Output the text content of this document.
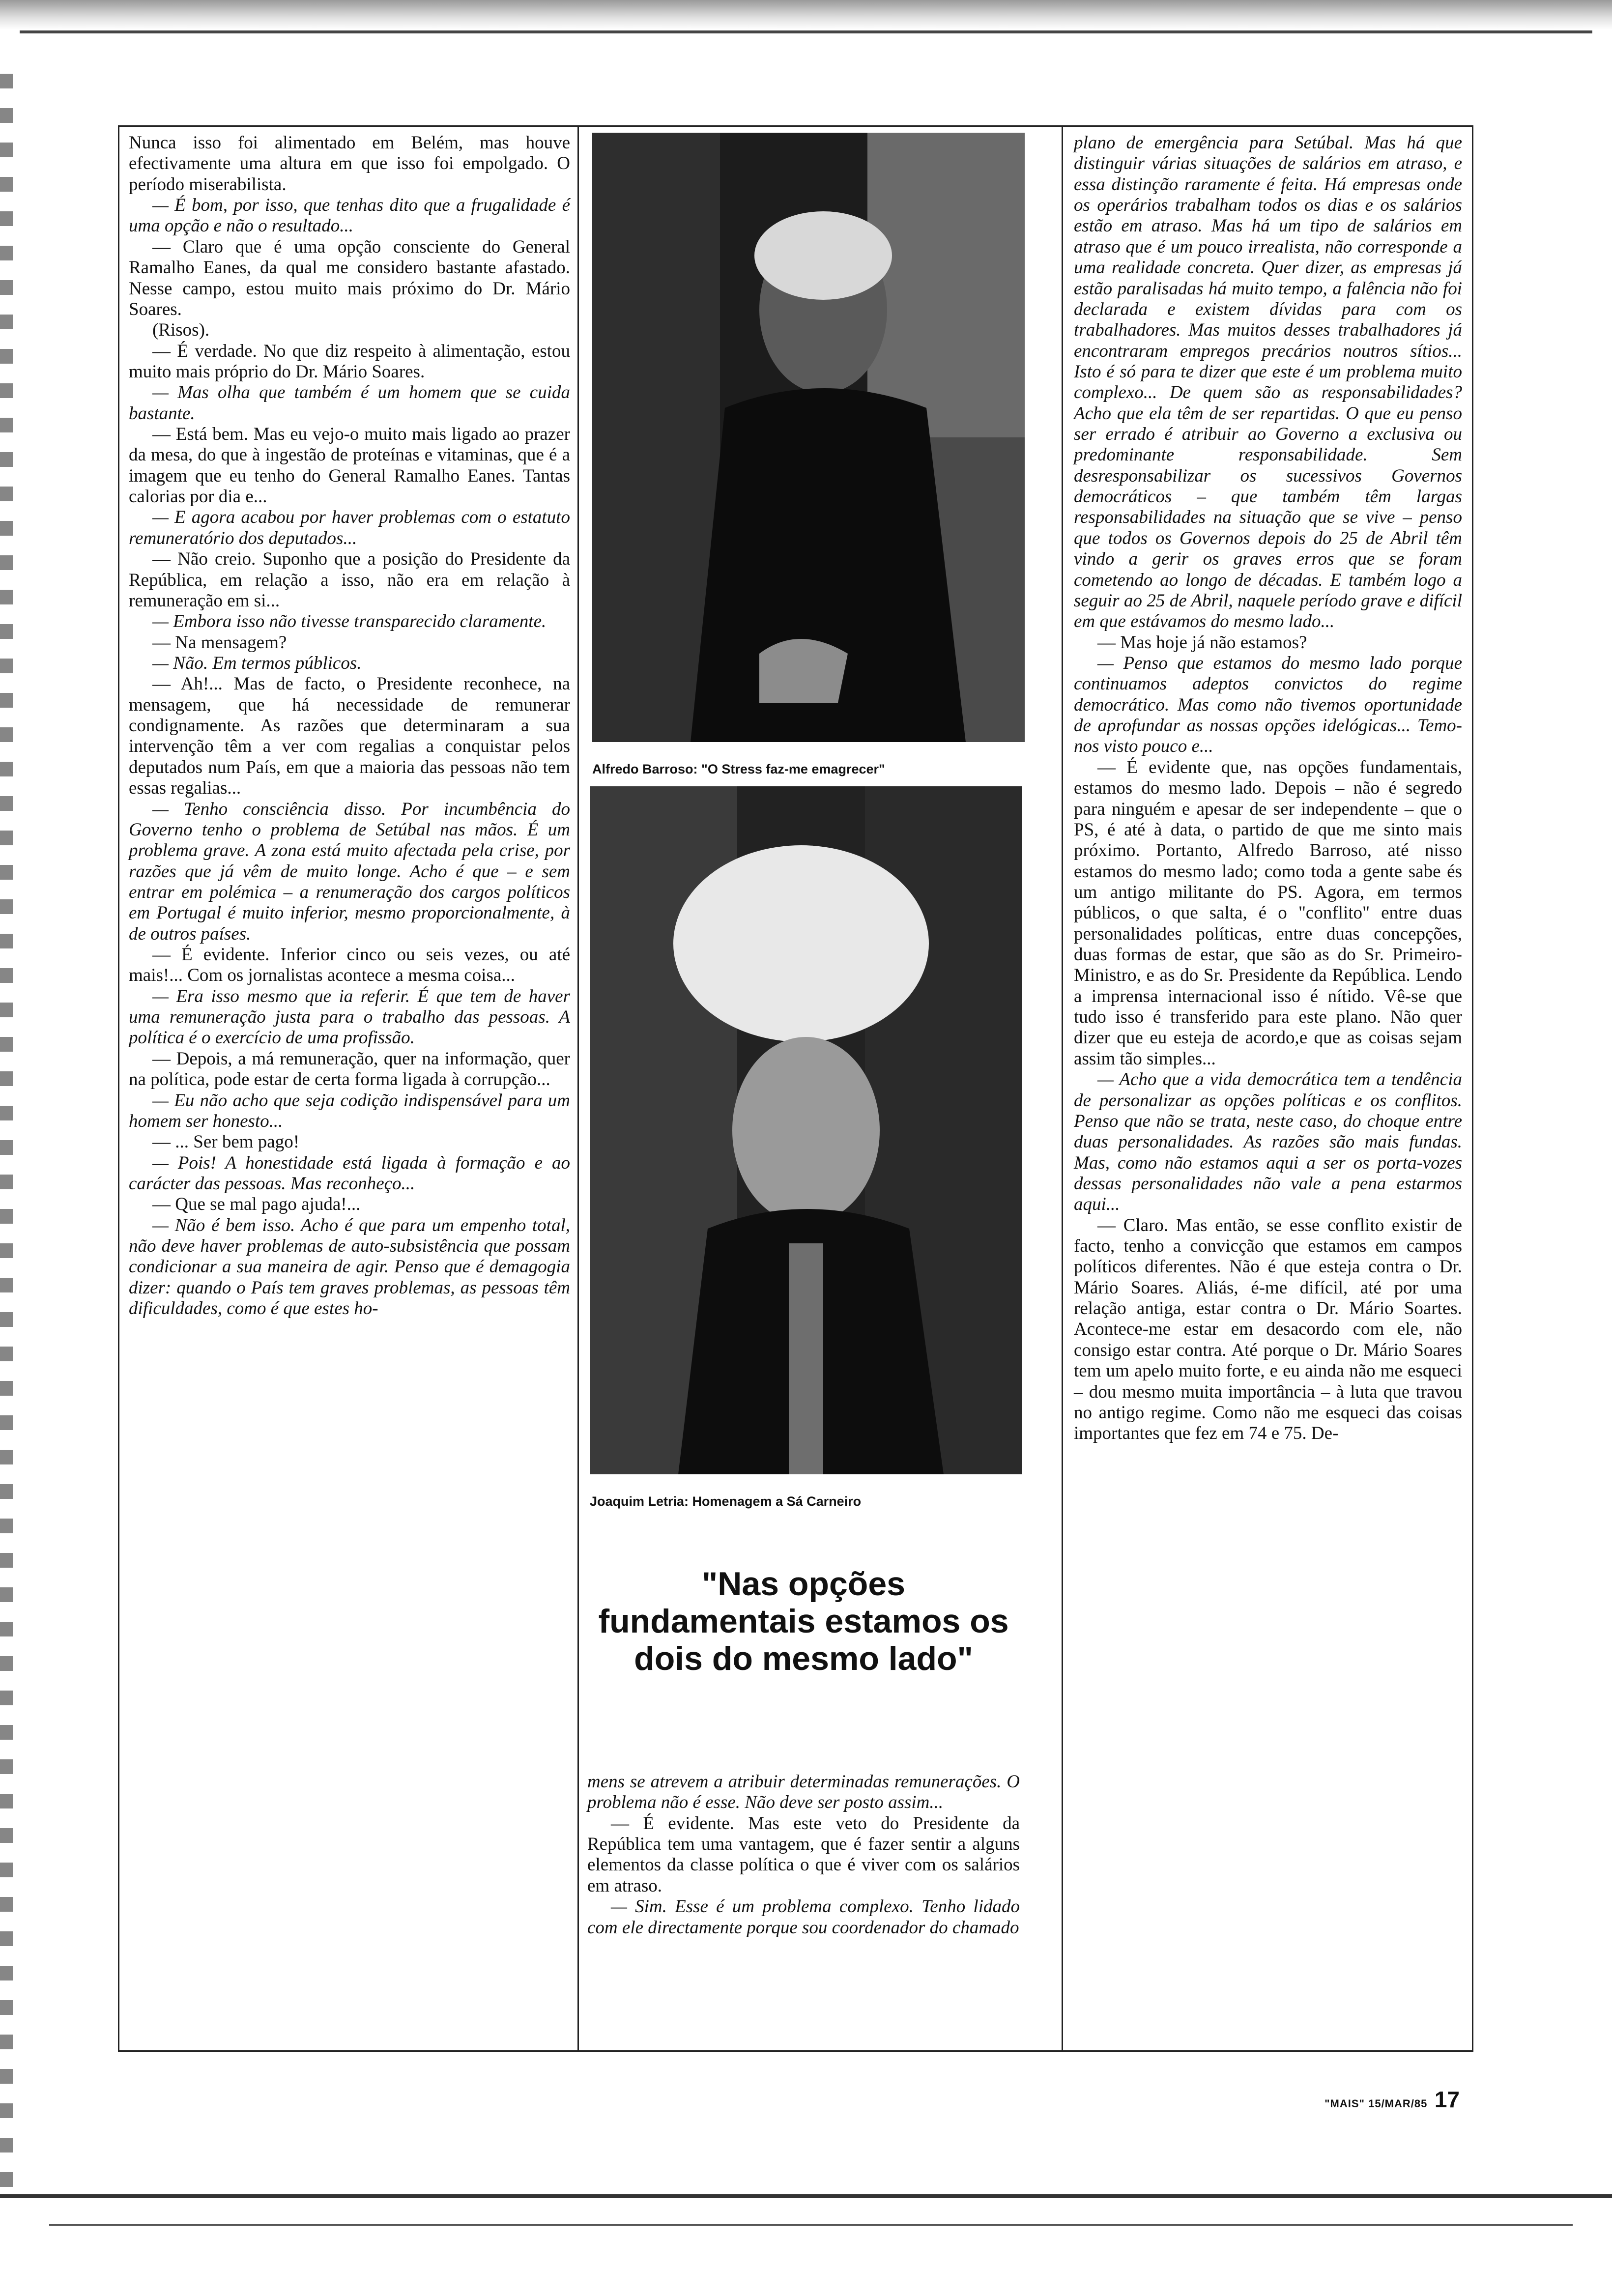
Nunca isso foi alimentado em Belém, mas houve efectivamente uma altura em que isso foi empolgado. O período miserabilista.

— É bom, por isso, que tenhas dito que a frugalidade é uma opção e não o resultado...

— Claro que é uma opção consciente do General Ramalho Eanes, da qual me considero bastante afastado. Nesse campo, estou muito mais próximo do Dr. Mário Soares.

(Risos).

— É verdade. No que diz respeito à alimentação, estou muito mais próprio do Dr. Mário Soares.

— Mas olha que também é um homem que se cuida bastante.

— Está bem. Mas eu vejo-o muito mais ligado ao prazer da mesa, do que à ingestão de proteínas e vitaminas, que é a imagem que eu tenho do General Ramalho Eanes. Tantas calorias por dia e...

— E agora acabou por haver problemas com o estatuto remuneratório dos deputados...

— Não creio. Suponho que a posição do Presidente da República, em relação a isso, não era em relação à remuneração em si...

— Embora isso não tivesse transparecido claramente.

— Na mensagem?

— Não. Em termos públicos.

— Ah!... Mas de facto, o Presidente reconhece, na mensagem, que há necessidade de remunerar condignamente. As razões que determinaram a sua intervenção têm a ver com regalias a conquistar pelos deputados num País, em que a maioria das pessoas não tem essas regalias...

— Tenho consciência disso. Por incumbência do Governo tenho o problema de Setúbal nas mãos. É um problema grave. A zona está muito afectada pela crise, por razões que já vêm de muito longe. Acho é que – e sem entrar em polémica – a renumeração dos cargos políticos em Portugal é muito inferior, mesmo proporcionalmente, à de outros países.

— É evidente. Inferior cinco ou seis vezes, ou até mais!... Com os jornalistas acontece a mesma coisa...

— Era isso mesmo que ia referir. É que tem de haver uma remuneração justa para o trabalho das pessoas. A política é o exercício de uma profissão.

— Depois, a má remuneração, quer na informação, quer na política, pode estar de certa forma ligada à corrupção...

— Eu não acho que seja codição indispensável para um homem ser honesto...

— ... Ser bem pago!

— Pois! A honestidade está ligada à formação e ao carácter das pessoas. Mas reconheço...

— Que se mal pago ajuda!...

— Não é bem isso. Acho é que para um empenho total, não deve haver problemas de auto-subsistência que possam condicionar a sua maneira de agir. Penso que é demagogia dizer: quando o País tem graves problemas, as pessoas têm dificuldades, como é que estes ho-

Alfredo Barroso: "O Stress faz-me emagrecer"
Joaquim Letria: Homenagem a Sá Carneiro
"Nas opções fundamentais estamos os dois do mesmo lado"

mens se atrevem a atribuir determinadas remunerações. O problema não é esse. Não deve ser posto assim...

— É evidente. Mas este veto do Presidente da República tem uma vantagem, que é fazer sentir a alguns elementos da classe política o que é viver com os salários em atraso.

— Sim. Esse é um problema complexo. Tenho lidado com ele directamente porque sou coordenador do chamado

plano de emergência para Setúbal. Mas há que distinguir várias situações de salários em atraso, e essa distinção raramente é feita. Há empresas onde os operários trabalham todos os dias e os salários estão em atraso. Mas há um tipo de salários em atraso que é um pouco irrealista, não corresponde a uma realidade concreta. Quer dizer, as empresas já estão paralisadas há muito tempo, a falência não foi declarada e existem dívidas para com os trabalhadores. Mas muitos desses trabalhadores já encontraram empregos precários noutros sítios... Isto é só para te dizer que este é um problema muito complexo... De quem são as responsabilidades? Acho que ela têm de ser repartidas. O que eu penso ser errado é atribuir ao Governo a exclusiva ou predominante responsabilidade. Sem desresponsabilizar os sucessivos Governos democráticos – que também têm largas responsabilidades na situação que se vive – penso que todos os Governos depois do 25 de Abril têm vindo a gerir os graves erros que se foram cometendo ao longo de décadas. E também logo a seguir ao 25 de Abril, naquele período grave e difícil em que estávamos do mesmo lado...

— Mas hoje já não estamos?

— Penso que estamos do mesmo lado porque continuamos adeptos convictos do regime democrático. Mas como não tivemos oportunidade de aprofundar as nossas opções idelógicas... Temo-nos visto pouco e...

— É evidente que, nas opções fundamentais, estamos do mesmo lado. Depois – não é segredo para ninguém e apesar de ser independente – que o PS, é até à data, o partido de que me sinto mais próximo. Portanto, Alfredo Barroso, até nisso estamos do mesmo lado; como toda a gente sabe és um antigo militante do PS. Agora, em termos públicos, o que salta, é o "conflito" entre duas personalidades políticas, entre duas concepções, duas formas de estar, que são as do Sr. Primeiro-Ministro, e as do Sr. Presidente da República. Lendo a imprensa internacional isso é nítido. Vê-se que tudo isso é transferido para este plano. Não quer dizer que eu esteja de acordo,e que as coisas sejam assim tão simples...

— Acho que a vida democrática tem a tendência de personalizar as opções políticas e os conflitos. Penso que não se trata, neste caso, do choque entre duas personalidades. As razões são mais fundas. Mas, como não estamos aqui a ser os porta-vozes dessas personalidades não vale a pena estarmos aqui...

— Claro. Mas então, se esse conflito existir de facto, tenho a convicção que estamos em campos políticos diferentes. Não é que esteja contra o Dr. Mário Soares. Aliás, é-me difícil, até por uma relação antiga, estar contra o Dr. Mário Soartes. Acontece-me estar em desacordo com ele, não consigo estar contra. Até porque o Dr. Mário Soares tem um apelo muito forte, e eu ainda não me esqueci – dou mesmo muita importância – à luta que travou no antigo regime. Como não me esqueci das coisas importantes que fez em 74 e 75. De-

"MAIS" 15/MAR/85 17
